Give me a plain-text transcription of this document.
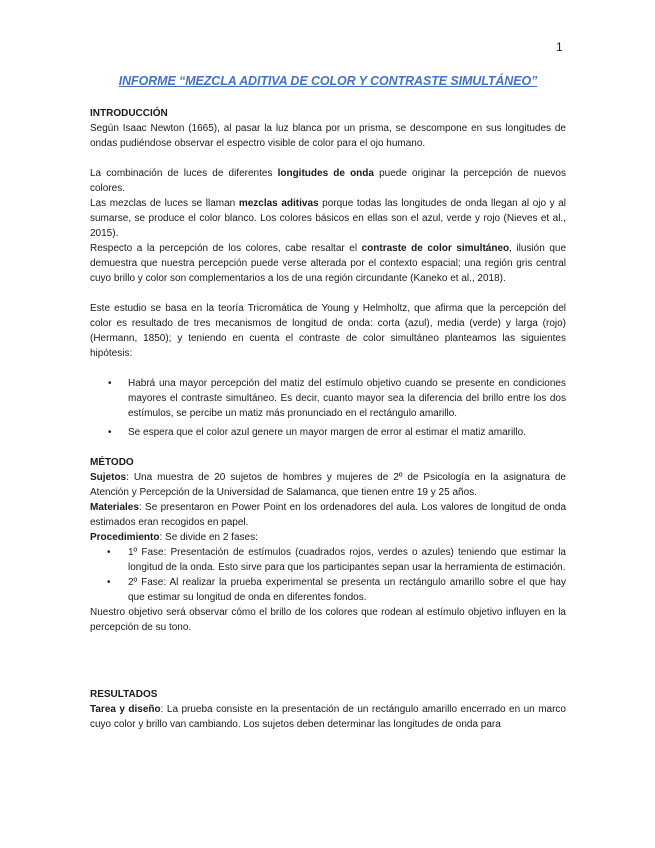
1
INFORME “MEZCLA ADITIVA DE COLOR Y CONTRASTE SIMULTÁNEO”
INTRODUCCIÓN

Según Isaac Newton (1665), al pasar la luz blanca por un prisma, se descompone en sus longitudes de ondas pudiéndose observar el espectro visible de color para el ojo humano.

La combinación de luces de diferentes longitudes de onda puede originar la percepción de nuevos colores.

Las mezclas de luces se llaman mezclas aditivas porque todas las longitudes de onda llegan al ojo y al sumarse, se produce el color blanco. Los colores básicos en ellas son el azul, verde y rojo (Nieves et al., 2015).

Respecto a la percepción de los colores, cabe resaltar el contraste de color simultáneo, ilusión que demuestra que nuestra percepción puede verse alterada por el contexto espacial; una región gris central cuyo brillo y color son complementarios a los de una región circundante (Kaneko et al., 2018).

Este estudio se basa en la teoría Tricromática de Young y Helmholtz, que afirma que la percepción del color es resultado de tres mecanismos de longitud de onda: corta (azul), media (verde) y larga (rojo) (Hermann, 1850); y teniendo en cuenta el contraste de color simultáneo planteamos las siguientes hipótesis:

• Habrá una mayor percepción del matiz del estímulo objetivo cuando se presente en condiciones mayores el contraste simultáneo. Es decir, cuanto mayor sea la diferencia del brillo entre los dos estímulos, se percibe un matiz más pronunciado en el rectángulo amarillo.
• Se espera que el color azul genere un mayor margen de error al estimar el matiz amarillo.
MÉTODO

Sujetos: Una muestra de 20 sujetos de hombres y mujeres de 2º de Psicología en la asignatura de Atención y Percepción de la Universidad de Salamanca, que tienen entre 19 y 25 años.

Materiales: Se presentaron en Power Point en los ordenadores del aula. Los valores de longitud de onda estimados eran recogidos en papel.

Procedimiento: Se divide en 2 fases:

• 1º Fase: Presentación de estímulos (cuadrados rojos, verdes o azules) teniendo que estimar la longitud de la onda. Esto sirve para que los participantes sepan usar la herramienta de estimación.
• 2º Fase: Al realizar la prueba experimental se presenta un rectángulo amarillo sobre el que hay que estimar su longitud de onda en diferentes fondos.

Nuestro objetivo será observar cómo el brillo de los colores que rodean al estímulo objetivo influyen en la percepción de su tono.

RESULTADOS

Tarea y diseño: La prueba consiste en la presentación de un rectángulo amarillo encerrado en un marco cuyo color y brillo van cambiando. Los sujetos deben determinar las longitudes de onda para
